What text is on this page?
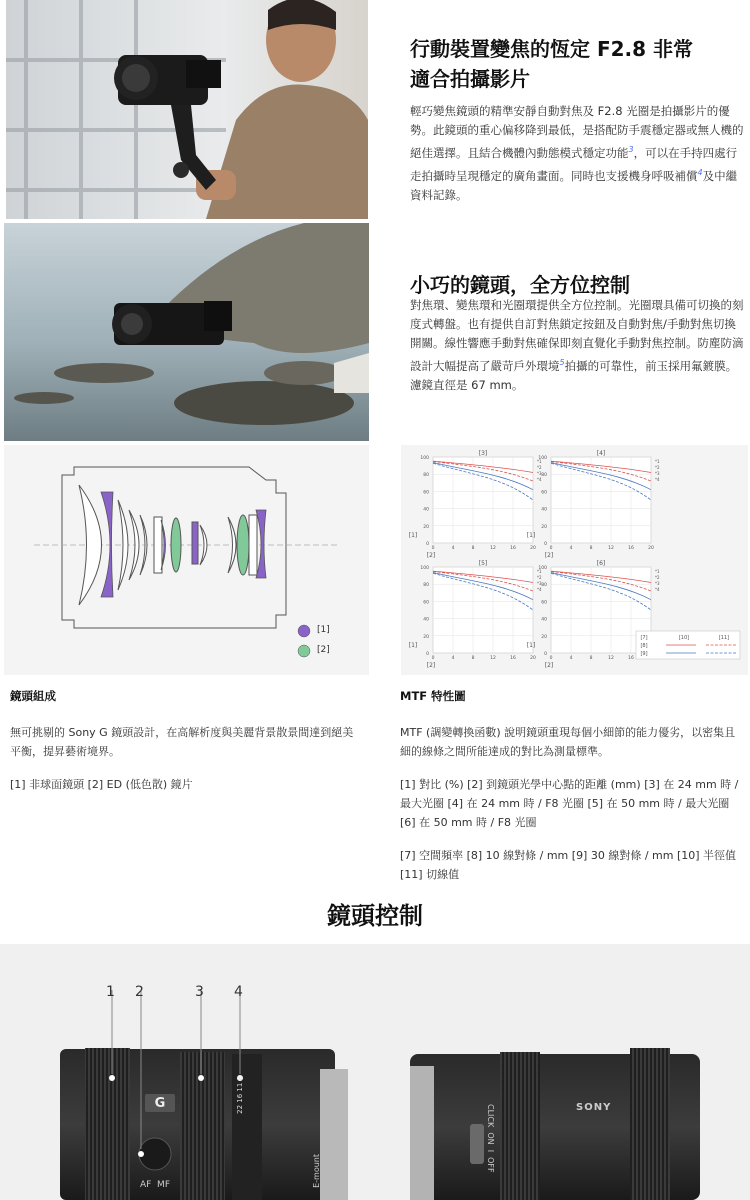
行動裝置變焦的恆定 F2.8 非常
適合拍攝影片
輕巧變焦鏡頭的精準安靜自動對焦及 F2.8 光圈是拍攝影片的優勢。此鏡頭的重心偏移降到最低，是搭配防手震穩定器或無人機的絕佳選擇。且結合機體內動態模式穩定功能$^3$，可以在手持四處行走拍攝時呈現穩定的廣角畫面。同時也支援機身呼吸補償$^4$及中繼資料記錄。
小巧的鏡頭，全方位控制
對焦環、變焦環和光圈環提供全方位控制。光圈環具備可切換的刻度式轉盤。也有提供自訂對焦鎖定按鈕及自動對焦/手動對焦切換開關。線性響應手動對焦確保即刻直覺化手動對焦控制。防塵防滴設計大幅提高了嚴苛戶外環境$^5$拍攝的可靠性，前玉採用氟鍍膜。濾鏡直徑是 67 mm。
[1]
[2]
100
80
60
40
20
0
0	4	8	12	16	20
[3]
[1]
[2]
*1
*2
*3
*4
100
80
60
40
20
0
0	4	8	12	16	20
[4]
[1]
[2]
*1
*2
*3
*4
100
80
60
40
20
0
0	4	8	12	16	20
[5]
[1]
[2]
*1
*2
*3
*4
100
80
60
40
20
0
0	4	8	12	16
[6]
[1]
[2]
*1
*2
*3
*4
[7]	[10]	[11]
[8]
[9]
鏡頭組成

無可挑剔的 Sony G 鏡頭設計，在高解析度與美麗背景散景間達到絕美平衡，提昇藝術境界。

[1] 非球面鏡頭 [2] ED (低色散) 鏡片

MTF 特性圖

MTF (調變轉換函數) 說明鏡頭重現每個小細節的能力優劣，以密集且細的線條之間所能達成的對比為測量標準。

[1] 對比 (%) [2] 到鏡頭光學中心點的距離 (mm) [3] 在 24 mm 時 / 最大光圈 [4] 在 24 mm 時 / F8 光圈 [5] 在 50 mm 時 / 最大光圈 [6] 在 50 mm 時 / F8 光圈

[7] 空間頻率 [8] 10 線對條 / mm [9] 30 線對條 / mm [10] 半徑值 [11] 切線值

鏡頭控制
1 2	3 4
G
AF  MF
22 16 11 8
E-mount
SONY
CLICK  ON  I  OFF
